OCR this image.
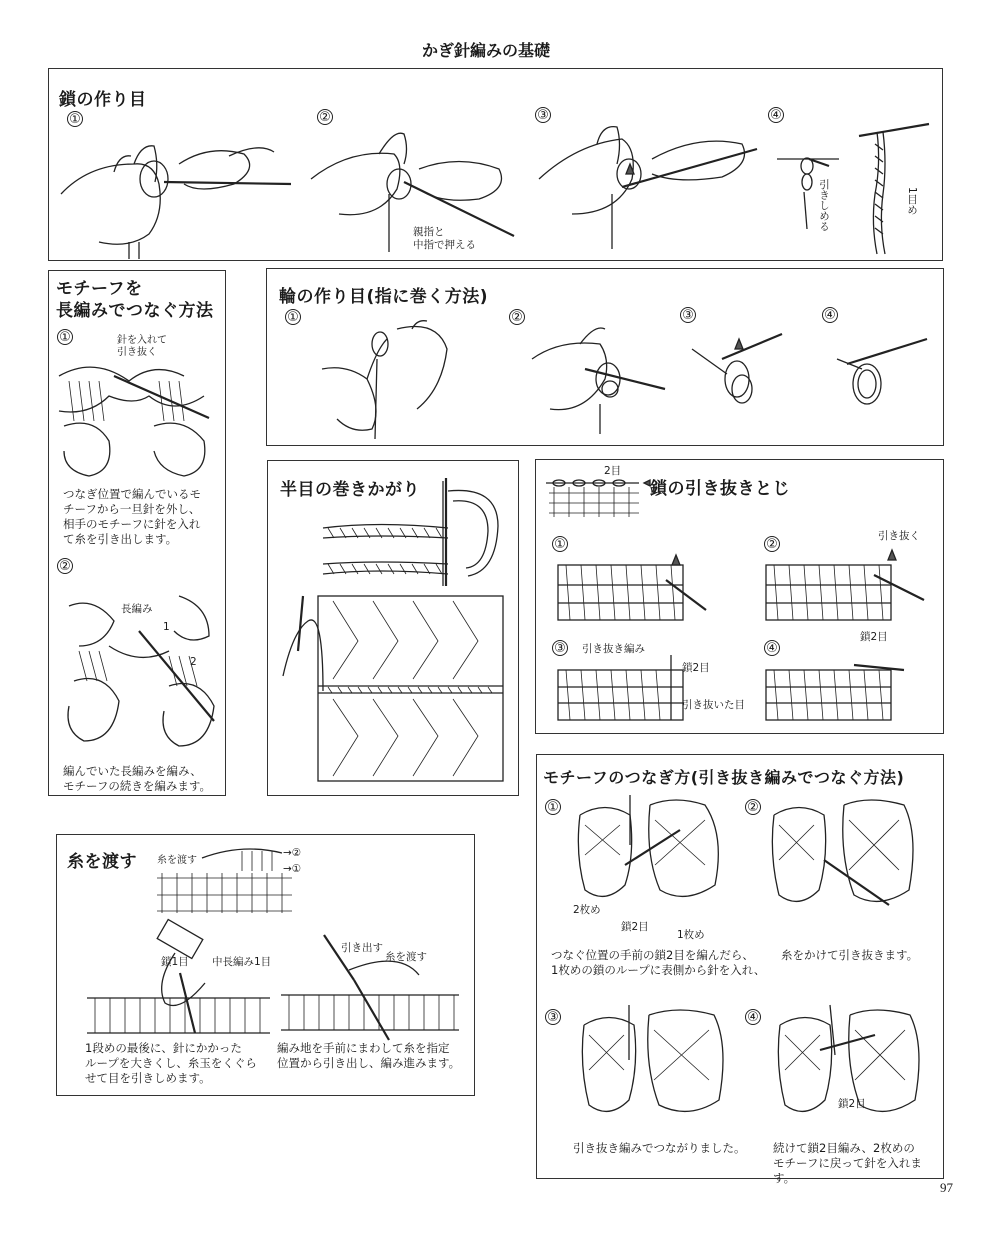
かぎ針編みの基礎
鎖の作り目
①	②	③	④
親指と
中指で押える
引きしめる	1目め
モチーフを
長編みでつなぐ方法
①	針を入れて
引き抜く
つなぎ位置で編んでいるモ
チーフから一旦針を外し、
相手のモチーフに針を入れ
て糸を引き出します。
②
長編み
1
2
編んでいた長編みを編み、
モチーフの続きを編みます。
輪の作り目(指に巻く方法)
①	②	③	④
半目の巻きかがり
2目
鎖の引き抜きとじ
①	②
引き抜く
③ 引き抜き編み
鎖2目
引き抜いた目
④
鎖2目
糸を渡す 糸を渡す
→②
→①
鎖1目 中長編み1目
引き出す
糸を渡す
1段めの最後に、針にかかった
ループを大きくし、糸玉をくぐら
せて目を引きしめます。
編み地を手前にまわして糸を指定
位置から引き出し、編み進みます。
モチーフのつなぎ方(引き抜き編みでつなぐ方法)
①	②
2枚め
鎖2目
1枚め
つなぐ位置の手前の鎖2目を編んだら、
1枚めの鎖のループに表側から針を入れ、
糸をかけて引き抜きます。
③	④
鎖2目
引き抜き編みでつながりました。 続けて鎖2目編み、2枚めの
モチーフに戻って針を入れます。
97
